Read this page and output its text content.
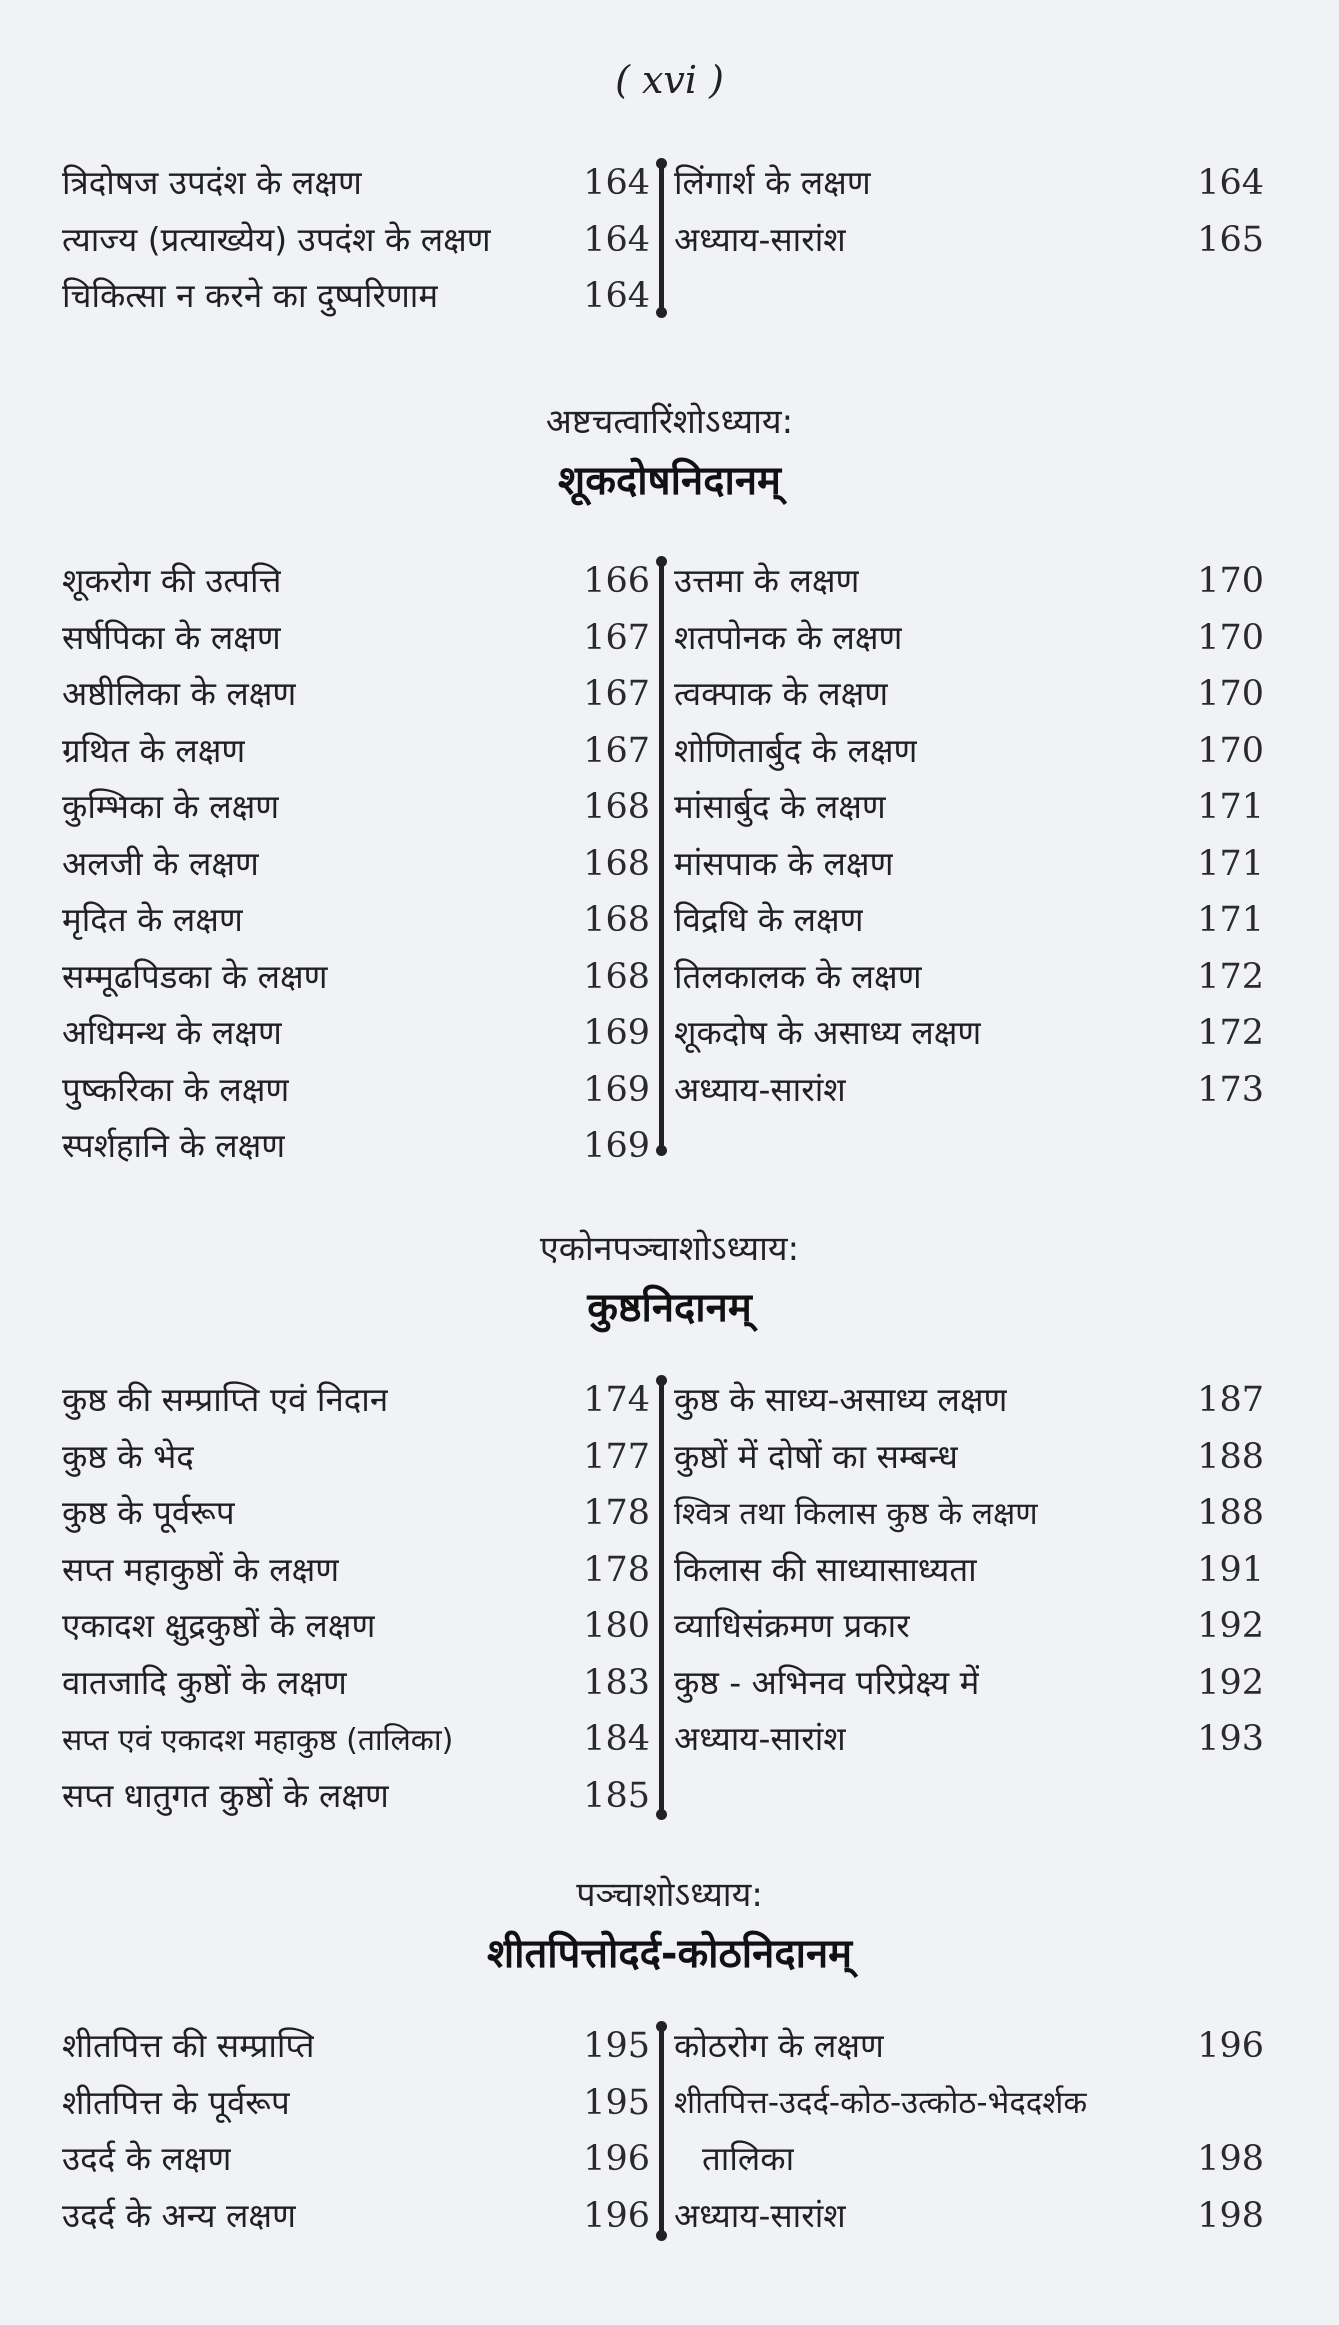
( xvi )
त्रिदोषज उपदंश के लक्षण	164
त्याज्य (प्रत्याख्येय) उपदंश के लक्षण	164
चिकित्सा न करने का दुष्परिणाम	164
लिंगार्श के लक्षण	164
अध्याय-सारांश	165
अष्टचत्वारिंशोऽध्याय:
शूकदोषनिदानम्
शूकरोग की उत्पत्ति	166
सर्षपिका के लक्षण	167
अष्ठीलिका के लक्षण	167
ग्रथित के लक्षण	167
कुम्भिका के लक्षण	168
अलजी के लक्षण	168
मृदित के लक्षण	168
सम्मूढपिडका के लक्षण	168
अधिमन्थ के लक्षण	169
पुष्करिका के लक्षण	169
स्पर्शहानि के लक्षण	169
उत्तमा के लक्षण	170
शतपोनक के लक्षण	170
त्वक्पाक के लक्षण	170
शोणितार्बुद के लक्षण	170
मांसार्बुद के लक्षण	171
मांसपाक के लक्षण	171
विद्रधि के लक्षण	171
तिलकालक के लक्षण	172
शूकदोष के असाध्य लक्षण	172
अध्याय-सारांश	173
एकोनपञ्चाशोऽध्याय:
कुष्ठनिदानम्
कुष्ठ की सम्प्राप्ति एवं निदान	174
कुष्ठ के भेद	177
कुष्ठ के पूर्वरूप	178
सप्त महाकुष्ठों के लक्षण	178
एकादश क्षुद्रकुष्ठों के लक्षण	180
वातजादि कुष्ठों के लक्षण	183
सप्त एवं एकादश महाकुष्ठ (तालिका)	184
सप्त धातुगत कुष्ठों के लक्षण	185
कुष्ठ के साध्य-असाध्य लक्षण	187
कुष्ठों में दोषों का सम्बन्ध	188
श्वित्र तथा किलास कुष्ठ के लक्षण	188
किलास की साध्यासाध्यता	191
व्याधिसंक्रमण प्रकार	192
कुष्ठ - अभिनव परिप्रेक्ष्य में	192
अध्याय-सारांश	193
पञ्चाशोऽध्याय:
शीतपित्तोदर्द-कोठनिदानम्
शीतपित्त की सम्प्राप्ति	195
शीतपित्त के पूर्वरूप	195
उदर्द के लक्षण	196
उदर्द के अन्य लक्षण	196
कोठरोग के लक्षण	196
शीतपित्त-उदर्द-कोठ-उत्कोठ-भेददर्शक
तालिका	198
अध्याय-सारांश	198
